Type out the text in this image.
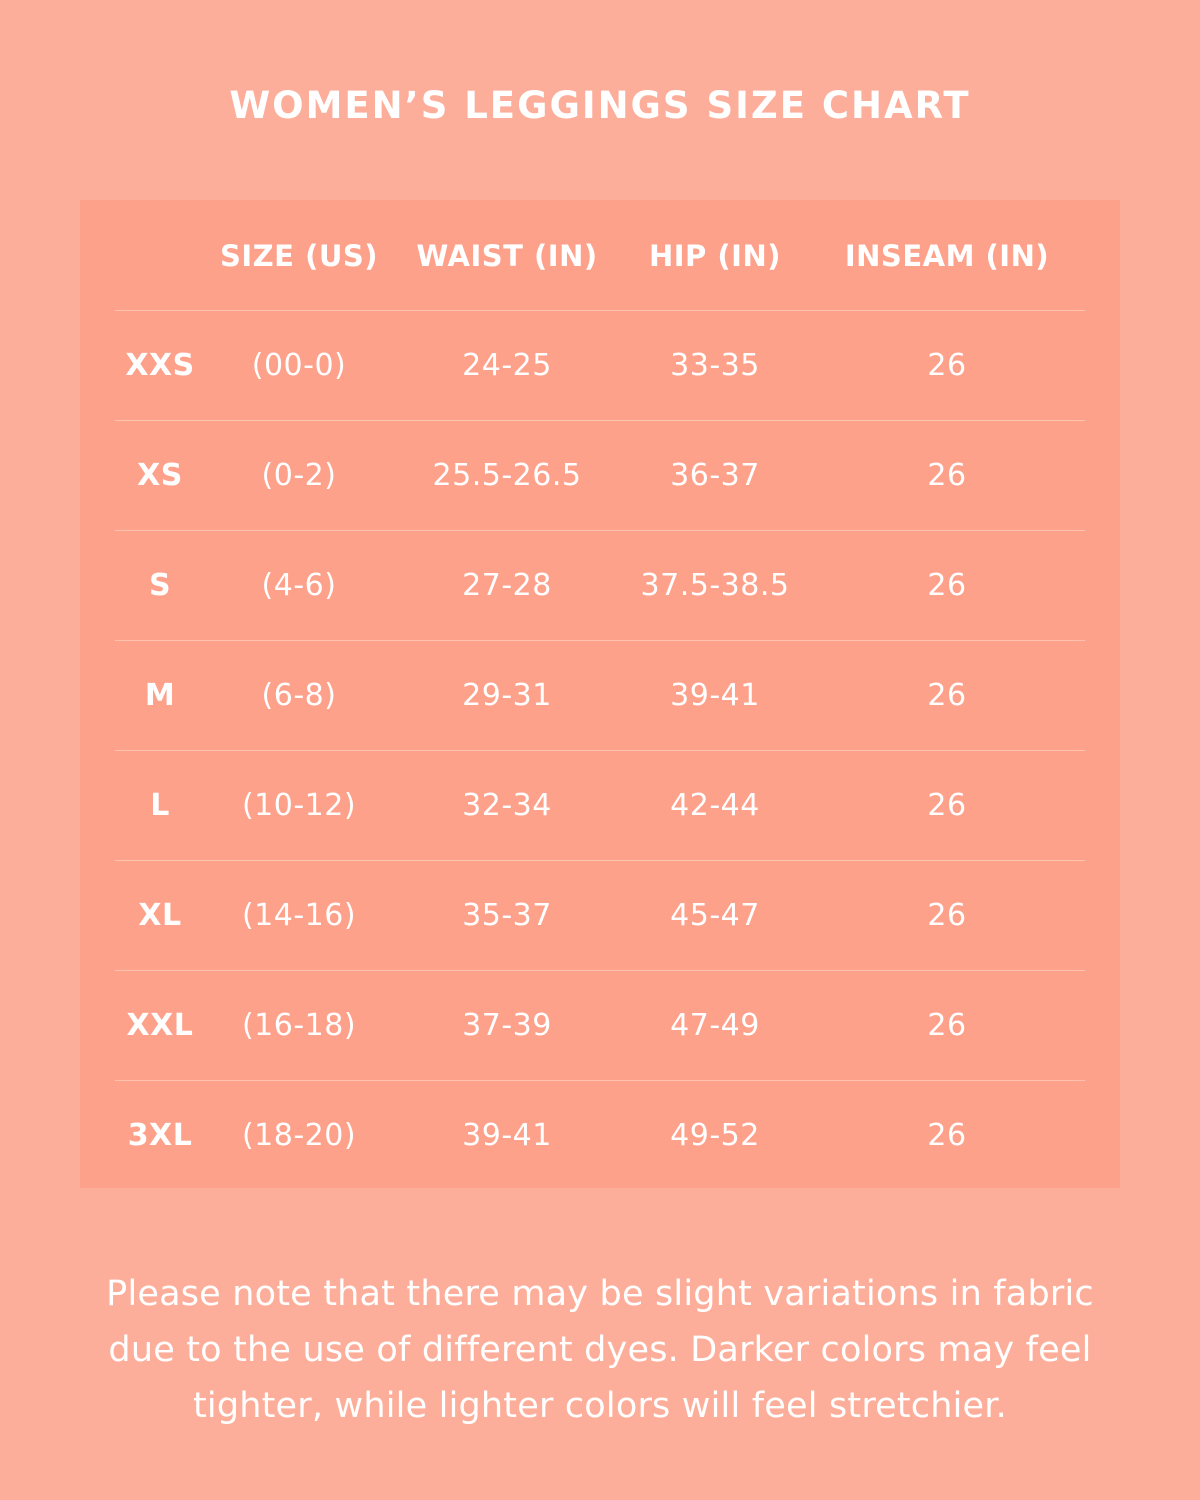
WOMEN’S LEGGINGS SIZE CHART
	SIZE (US)	WAIST (IN)	HIP (IN)	INSEAM (IN)
XXS	(00-0)	24-25	33-35	26
XS	(0-2)	25.5-26.5	36-37	26
S	(4-6)	27-28	37.5-38.5	26
M	(6-8)	29-31	39-41	26
L	(10-12)	32-34	42-44	26
XL	(14-16)	35-37	45-47	26
XXL	(16-18)	37-39	47-49	26
3XL	(18-20)	39-41	49-52	26

Please note that there may be slight variations in fabric due to the use of different dyes. Darker colors may feel tighter, while lighter colors will feel stretchier.
